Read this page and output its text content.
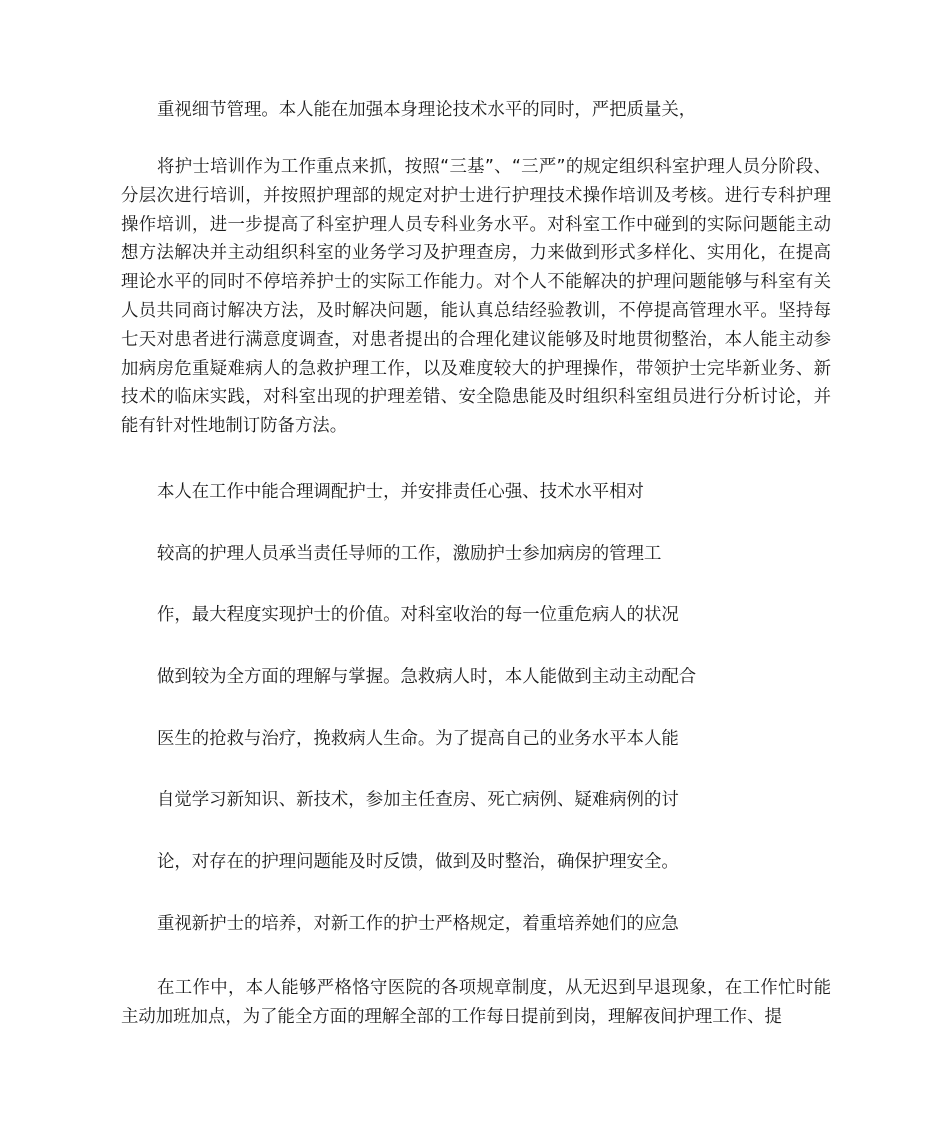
重视细节管理。本人能在加强本身理论技术水平的同时，严把质量关，

将护士培训作为工作重点来抓，按照“三基”、“三严”的规定组织科室护理人员分阶段、分层次进行培训，并按照护理部的规定对护士进行护理技术操作培训及考核。进行专科护理操作培训，进一步提高了科室护理人员专科业务水平。对科室工作中碰到的实际问题能主动想方法解决并主动组织科室的业务学习及护理查房，力来做到形式多样化、实用化，在提高理论水平的同时不停培养护士的实际工作能力。对个人不能解决的护理问题能够与科室有关人员共同商讨解决方法，及时解决问题，能认真总结经验教训，不停提高管理水平。坚持每七天对患者进行满意度调查，对患者提出的合理化建议能够及时地贯彻整治，本人能主动参加病房危重疑难病人的急救护理工作，以及难度较大的护理操作，带领护士完毕新业务、新技术的临床实践，对科室出现的护理差错、安全隐患能及时组织科室组员进行分析讨论，并能有针对性地制订防备方法。

本人在工作中能合理调配护士，并安排责任心强、技术水平相对

较高的护理人员承当责任导师的工作，激励护士参加病房的管理工

作，最大程度实现护士的价值。对科室收治的每一位重危病人的状况

做到较为全方面的理解与掌握。急救病人时，本人能做到主动主动配合

医生的抢救与治疗，挽救病人生命。为了提高自己的业务水平本人能

自觉学习新知识、新技术，参加主任查房、死亡病例、疑难病例的讨

论，对存在的护理问题能及时反馈，做到及时整治，确保护理安全。

重视新护士的培养，对新工作的护士严格规定，着重培养她们的应急

在工作中，本人能够严格恪守医院的各项规章制度，从无迟到早退现象，在工作忙时能主动加班加点，为了能全方面的理解全部的工作每日提前到岗，理解夜间护理工作、提
